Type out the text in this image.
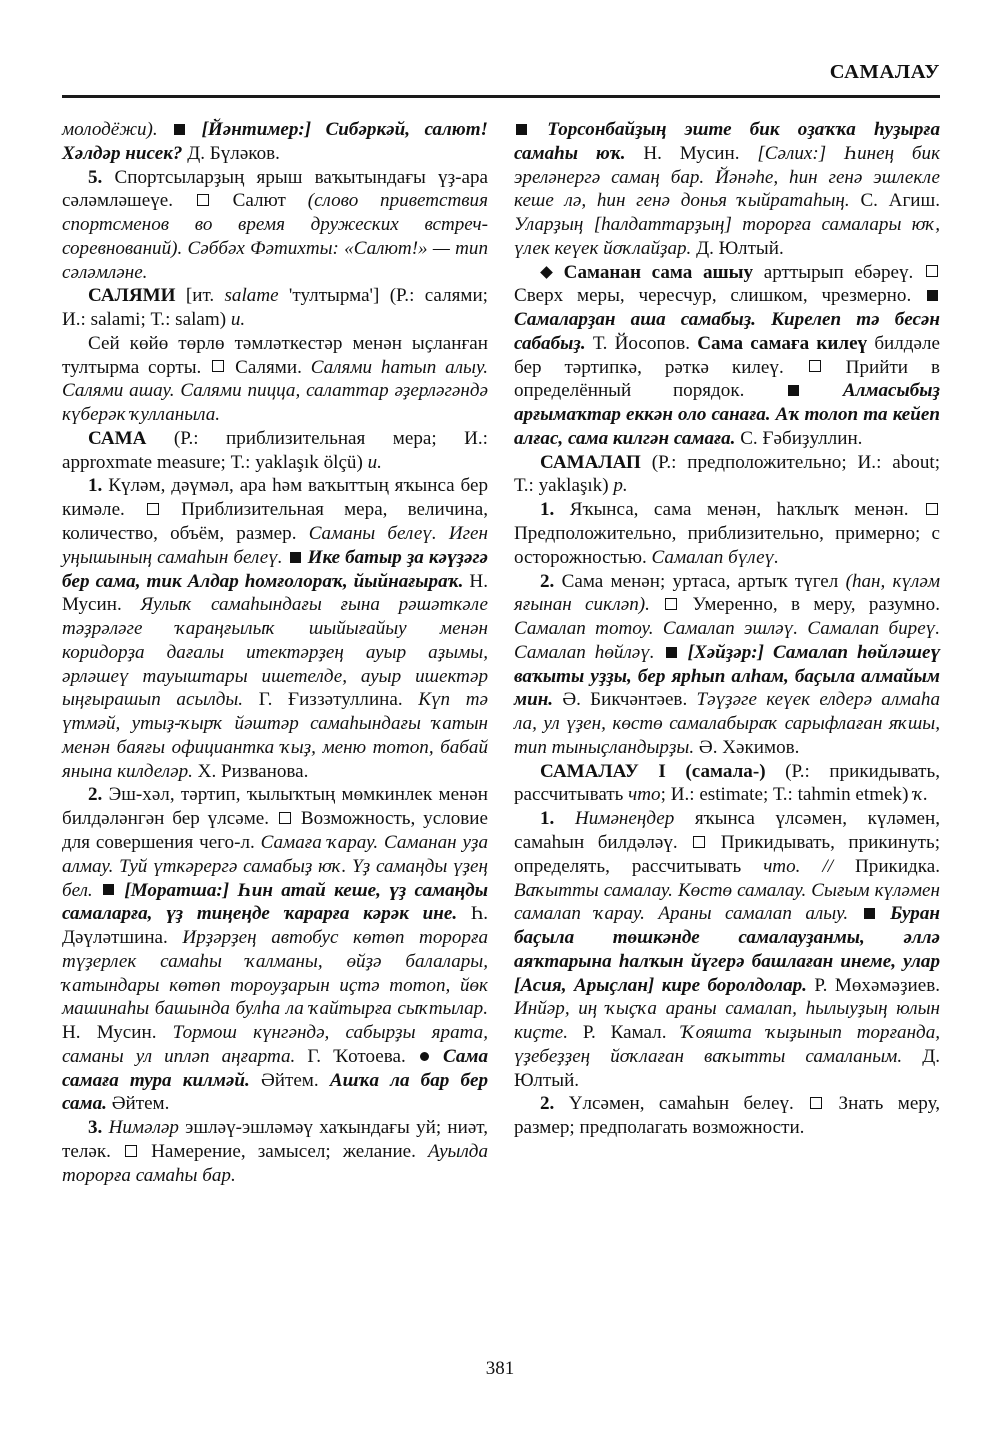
САМАЛАУ

молодёжи). [Йәнтимер:] Сибәркәй, салют! Хәлдәр нисек? Д. Бүләков.

5. Спортсыларҙың ярыш ваҡытындағы үҙ-ара сәләмләшеүе.	Салют (слово приветствия спортсменов во время дружеских встреч-соревнований). Сәббәх Фәтихты: «Салют!» — тип сәләмләне.

САЛЯМИ [ит. salame 'тултырма'] (Р.: салями; И.: salami; Т.: salam) и.

Сей көйө төрлө тәмләткестәр менән ыҫланған тултырма сорты. Салями. Салями һатып алыу. Салями ашау. Салями пицца, салаттар әҙерләгәндә күберәк ҡулланыла.

САМА (Р.: приблизительная мера; И.: approxmate measure; Т.: yaklaşık ölçü) и.

1. Күләм, дәүмәл, ара һәм ваҡыттың яҡынса бер кимәле.	Приблизительная мера, величина, количество, объём, размер. Саманы белеү. Иген уңышының самаһын белеү. Ике батыр ҙа кәүҙәгә бер сама, тик Алдар һомғолораҡ, йыйнағыраҡ. Н. Мусин. Яулыҡ самаһындағы ғына рәшәткәле тәҙрәләге ҡараңғылыҡ шыйығайыу менән коридорҙа дағалы итектәрҙең ауыр аҙымы, әрләшеү тауыштары ишетелде, ауыр ишектәр ыңғырашып асылды. Г. Ғиззәтуллина. Күп тә үтмәй, утыҙ-ҡырҡ йәштәр самаһындағы ҡатын менән баяғы официантка ҡыҙ, меню тотоп, бабай янына килделәр. Х. Ризванова.

2. Эш-хәл, тәртип, ҡылыҡтың мөмкинлек менән билдәләнгән бер үлсәме. Возможность, условие для совершения чего-л. Самаға ҡарау. Саманан уҙа алмау. Туй үткәрергә самабыҙ юҡ. Үҙ самаңды үҙең бел. [Моратша:] Һин атай кеше, үҙ самаңды самаларға, үҙ тиңеңде ҡарарға кәрәк ине. Һ. Дәүләтшина. Ирҙәрҙең автобус көтөп торорға түҙерлек самаһы ҡалманы, өйҙә балалары, ҡатындары көтөп тороуҙарын иҫтә тотоп, йөк машинаһы башында булһа ла ҡайтырға сыҡтылар. Н. Мусин. Тормош күнгәндә, сабырҙы ярата, саманы ул ипләп аңғарта. Г. Ҡотоева. Сама самаға тура килмәй. Әйтем. Ашҡа ла бар бер сама. Әйтем.

3. Нимәләр эшләү-эшләмәү хаҡындағы уй; ниәт, теләк. Намерение, замысел; желание. Ауылда торорға самаһы бар.

Торсонбайҙың эште бик оҙаҡҡа һуҙырға самаһы юҡ. Н. Мусин. [Сәлих:] Һинең бик эреләнергә самаң бар. Йәнәһе, һин генә эшлекле кеше лә, һин генә донья ҡыйратаһың. С. Агиш. Уларҙың [һалдаттарҙың] торорға самалары юҡ, үлек кеүек йоҡлайҙар. Д. Юлтый.

Саманан сама ашыу арттырып ебәреү.  Сверх меры, чересчур, слишком, чрезмерно.  Самаларҙан аша самабыҙ. Кирелеп тә бесән сабабыҙ. Т. Йосопов. Сама самаға килеү билдәле бер тәртипкә, рәткә килеү.	Прийти в определённый порядок.	Алмасыбыҙ арғымаҡтар еккән оло санаға. Аҡ толоп та кейеп алғас, сама килгән самаға. С. Ғәбиҙуллин.

САМАЛАП (Р.: предположительно; И.: about; Т.: yaklaşık) р.

1. Яҡынса, сама менән, һаҡлыҡ менән.  Предположительно, приблизительно, примерно; с осторожностью. Самалап бүлеү.

2. Сама менән; уртаса, артыҡ түгел (һан, күләм яғынан сикләп). Умеренно, в меру, разумно. Самалап тотоу. Самалап эшләү. Самалап биреү. Самалап һөйләү. [Хәйҙәр:] Самалап һөйләшеү ваҡыты уҙҙы, бер ярһып алһам, баҫыла алмайым мин. Ә. Бикчәнтәев. Тәүҙәге кеүек елдерә алмаһа ла, ул үҙен, көстө самалабыраҡ сарыфлаған яҡшы, тип тыныҫландырҙы. Ә. Хәкимов.

САМАЛАУ I (самала-) (Р.: прикидывать, рассчитывать что; И.: estimate; Т.: tahmin etmek) ҡ.

1. Нимәнеңдер яҡынса үлсәмен, күләмен, самаһын билдәләү.  Прикидывать, прикинуть; определять, рассчитывать что. // Прикидка. Ваҡытты самалау. Көстө самалау. Сығым күләмен самалап ҡарау. Араны самалап алыу. Буран баҫыла төшкәнде самалауҙанмы, әллә аяҡтарына һалҡын йүгерә башлаған инеме, улар [Асия, Арыҫлан] кире боролдолар. Р. Мөхәмәҙиев. Инйәр, иң ҡыҫҡа араны самалап, һылыуҙың юлын киҫте. Р. Камал. Ҡояшта ҡыҙынып торғанда, үҙебеҙҙең йоҡлаған ваҡытты самаланым. Д. Юлтый.

2. Үлсәмен, самаһын белеү. Знать меру, размер; предполагать возможности.

381
